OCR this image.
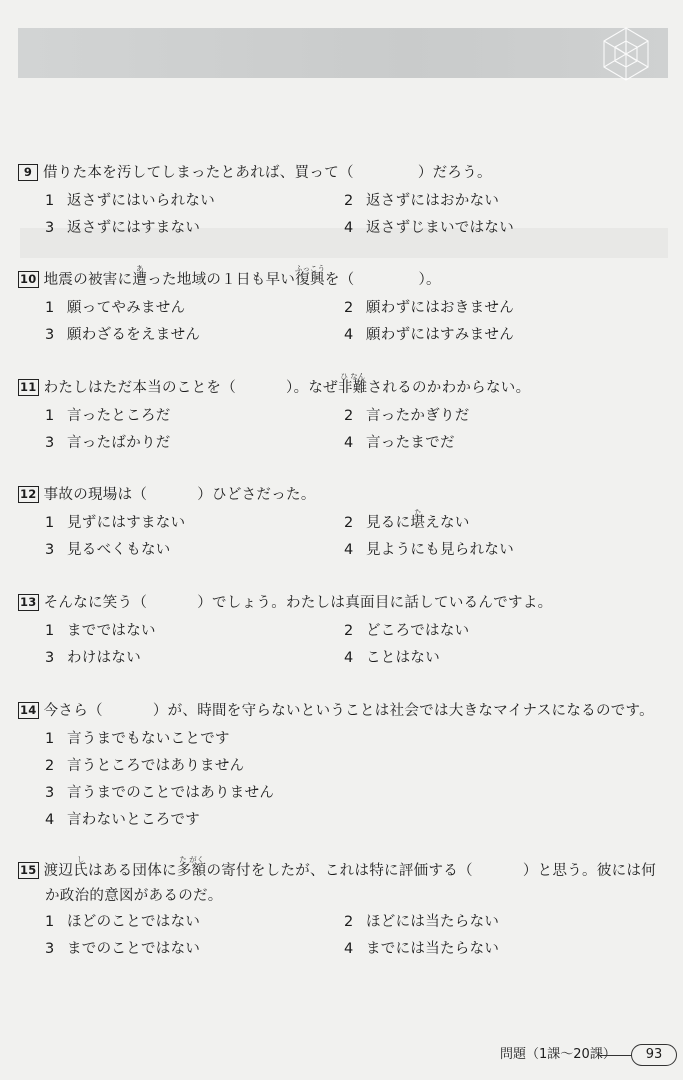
9 借りた本を汚してしまったとあれば、買って（	）だろう。
1 返さずにはいられない	2 返さずにはおかない
3 返さずにはすまない	4 返さずじまいではない
10 地震の被害に
あ
遭った地域の１日も早い
ふっこう
復興を（	）。
1 願ってやみません	2 願わずにはおきません
3 願わざるをえません	4 願わずにはすみません
11 わたしはただ本当のことを（	）。なぜ
ひ なん
非難されるのかわからない。
1 言ったところだ	2 言ったかぎりだ
3 言ったばかりだ	4 言ったまでだ
12 事故の現場は（	）ひどさだった。
1 見ずにはすまない	2 見るに
た
堪えない
3 見るべくもない	4 見ようにも見られない
13 そんなに笑う（	）でしょう。わたしは真面目に話しているんですよ。
1 までではない	2 どころではない
3 わけはない	4 ことはない
14 今さら（	）が、時間を守らないということは社会では大きなマイナスになるのです。
1 言うまでもないことです
2 言うところではありません
3 言うまでのことではありません
4 言わないところです
15 渡辺
し
氏はある団体に
た がく
多額の寄付をしたが、これは特に評価する（	）と思う。彼には何
か政治的意図があるのだ。
1 ほどのことではない	2 ほどには当たらない
3 までのことではない	4 までには当たらない
問題（1課〜20課）	93
